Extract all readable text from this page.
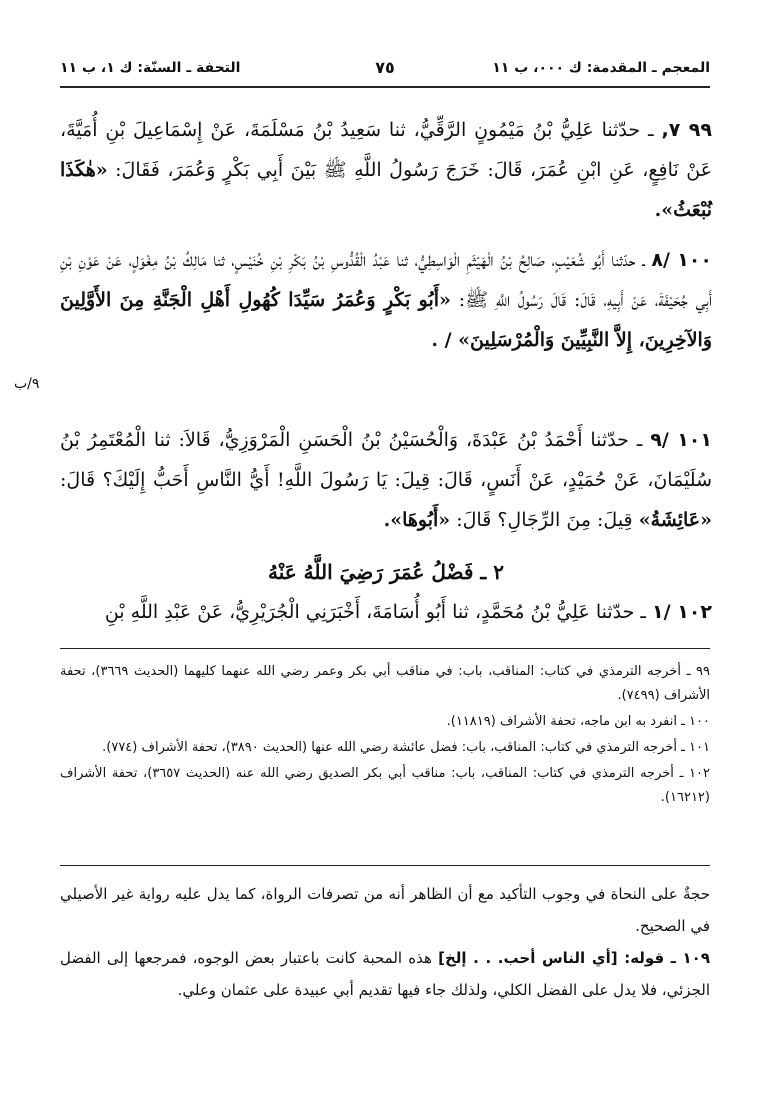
المعجم ـ المقدمة: ك ٠٠٠، ب ١١
٧٥
التحفة ـ السنّة: ك ١، ب ١١
٩٩ ٧, ـ حدّثنا عَلِيُّ بْنُ مَيْمُونٍ الرَّقِّيُّ، ثنا سَعِيدُ بْنُ مَسْلَمَةَ، عَنْ إِسْمَاعِيلَ بْنِ أُمَيَّةَ، عَنْ نَافِعٍ، عَنِ ابْنِ عُمَرَ، قَالَ: خَرَجَ رَسُولُ اللَّهِ ﷺ بَيْنَ أَبِي بَكْرٍ وَعُمَرَ، فَقَالَ: «هٰكَذَا نُبْعَثُ».
١٠٠ /٨ ـ حدّثنا أَبُو شُعَيْبٍ، صَالِحُ بْنُ الْهَيْثَمِ الْوَاسِطِيُّ، ثنا عَبْدُ الْقُدُّوسِ بْنُ بَكْرِ بْنِ خُنَيْسٍ، ثنا مَالِكُ بْنُ مِغْوَلٍ، عَنْ عَوْنِ بْنِ أَبِي جُحَيْفَةَ، عَنْ أَبِيهِ، قَالَ: قَالَ رَسُولُ اللَّهِ ﷺ: «أَبُو بَكْرٍ وَعُمَرُ سَيِّدَا كُهُولِ أَهْلِ الْجَنَّةِ مِنَ الأَوَّلِينَ وَالآخِرِينَ، إِلاَّ النَّبِيِّينَ وَالْمُرْسَلِينَ» / .
٩/ب
١٠١ /٩ ـ حدّثنا أَحْمَدُ بْنُ عَبْدَةَ، وَالْحُسَيْنُ بْنُ الْحَسَنِ الْمَرْوَزِيُّ، قَالاَ: ثنا الْمُعْتَمِرُ بْنُ سُلَيْمَانَ، عَنْ حُمَيْدٍ، عَنْ أَنَسٍ، قَالَ: قِيلَ: يَا رَسُولَ اللَّهِ! أَيُّ النَّاسِ أَحَبُّ إِلَيْكَ؟ قَالَ: «عَائِشَةُ» قِيلَ: مِنَ الرِّجَالِ؟ قَالَ: «أَبُوهَا».
٢ ـ فَضْلُ عُمَرَ رَضِيَ اللَّهُ عَنْهُ
١٠٢ /١ ـ حدّثنا عَلِيُّ بْنُ مُحَمَّدٍ، ثنا أَبُو أُسَامَةَ، أَخْبَرَنِي الْجُرَيْرِيُّ، عَنْ عَبْدِ اللَّهِ بْنِ

٩٩ ـ أخرجه الترمذي في كتاب: المناقب، باب: في مناقب أبي بكر وعمر رضي الله عنهما كليهما (الحديث ٣٦٦٩)، تحفة الأشراف (٧٤٩٩).

١٠٠ ـ انفرد به ابن ماجه، تحفة الأشراف (١١٨١٩).

١٠١ ـ أخرجه الترمذي في كتاب: المناقب، باب: فضل عائشة رضي الله عنها (الحديث ٣٨٩٠)، تحفة الأشراف (٧٧٤).

١٠٢ ـ أخرجه الترمذي في كتاب: المناقب، باب: مناقب أبي بكر الصديق رضي الله عنه (الحديث ٣٦٥٧)، تحفة الأشراف (١٦٢١٢).

حجةٌ على النحاة في وجوب التأكيد مع أن الظاهر أنه من تصرفات الرواة، كما يدل عليه رواية غير الأصيلي في الصحيح.

١٠٩ ـ قوله: [أي الناس أحب. . . إلخ] هذه المحبة كانت باعتبار بعض الوجوه، فمرجعها إلى الفضل الجزئي، فلا يدل على الفضل الكلي، ولذلك جاء فيها تقديم أبي عبيدة على عثمان وعلي.
